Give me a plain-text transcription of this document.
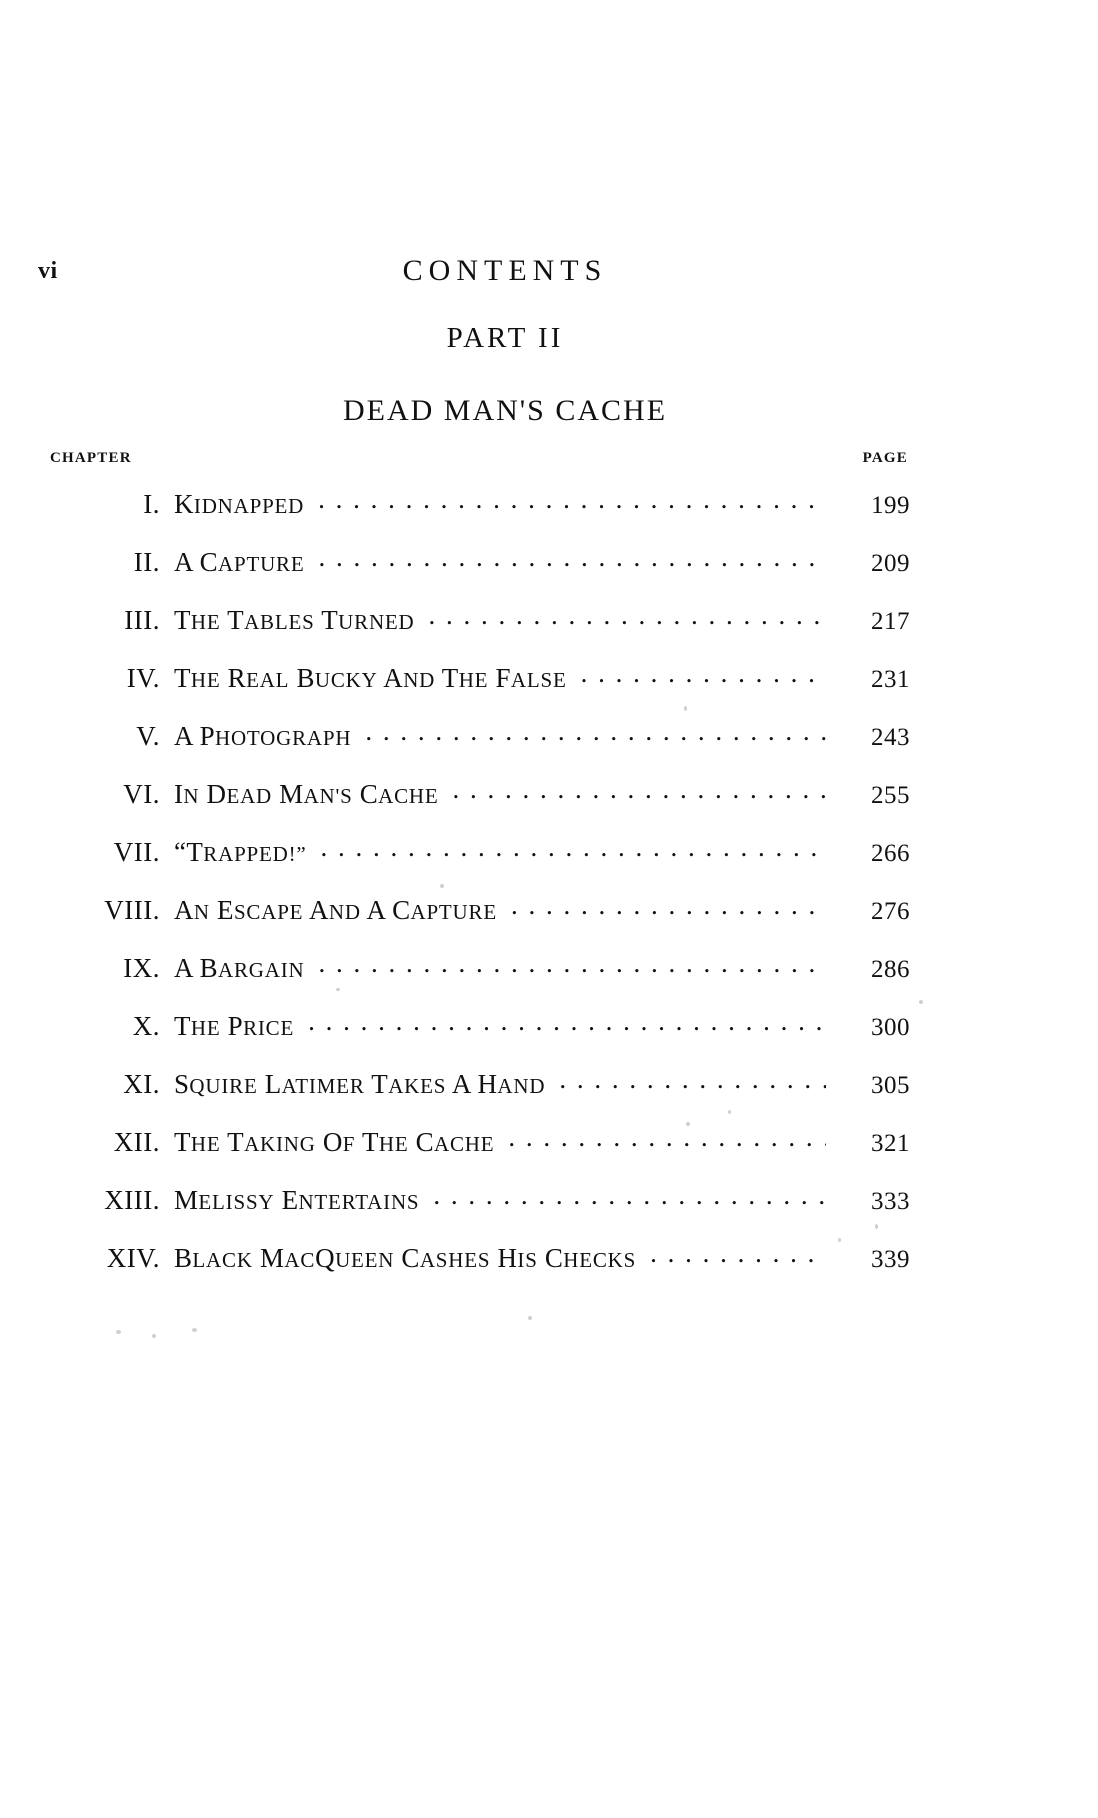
vi	CONTENTS
PART II
DEAD MAN'S CACHE
CHAPTER	PAGE
I. KIDNAPPED . .	199
II. A CAPTURE . .	209
III. THE TABLES TURNED . .	217
IV. THE REAL BUCKY AND THE FALSE . .	231
V. A PHOTOGRAPH . .	243
VI. IN DEAD MAN'S CACHE . .	255
VII. “TRAPPED!” . .	266
VIII. AN ESCAPE AND A CAPTURE . .	276
IX. A BARGAIN . .	286
X. THE PRICE . .	300
XI. SQUIRE LATIMER TAKES A HAND . .	305
XII. THE TAKING OF THE CACHE . .	321
XIII. MELISSY ENTERTAINS . .	333
XIV. BLACK MACQUEEN CASHES HIS CHECKS . .	339
